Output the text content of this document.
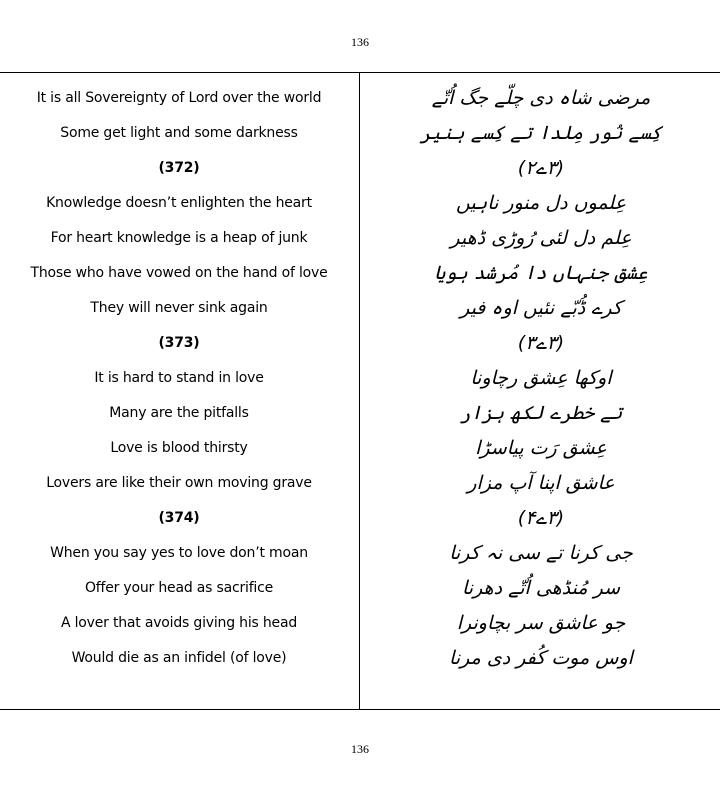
136
It is all Sovereignty of Lord over the world
Some get light and some darkness
(372)
Knowledge doesn’t enlighten the heart
For heart knowledge is a heap of junk
Those who have vowed on the hand of love
They will never sink again
(373)
It is hard to stand in love
Many are the pitfalls
Love is blood thirsty
Lovers are like their own moving grave
(374)
When you say yes to love don’t moan
Offer your head as sacrifice
A lover that avoids giving his head
Would die as an infidel (of love)
مرضی شاہ دی چلّے جگ اُتّے
کِسے نُور مِلدا تے کِسے ہنیر
(۳ے۲)
عِلموں دل منور ناہیں
عِلم دل لئی رُوڑی ڈھیر
عِشق جنہاں دا مُرشد ہویا
کرے ڈُبّے نئیں اوہ فیر
(۳ے۳)
اوکھا عِشق رچاونا
تے خطرے لکھ ہزار
عِشق رَت پیاسڑا
عاشق اپنا آپ مزار
(۳ے۴)
جی کرنا تے سی نہ کرنا
سر مُنڈھی اُتّے دھرنا
جو عاشق سر بچاونرا
اوس موت کُفر دی مرنا
136
